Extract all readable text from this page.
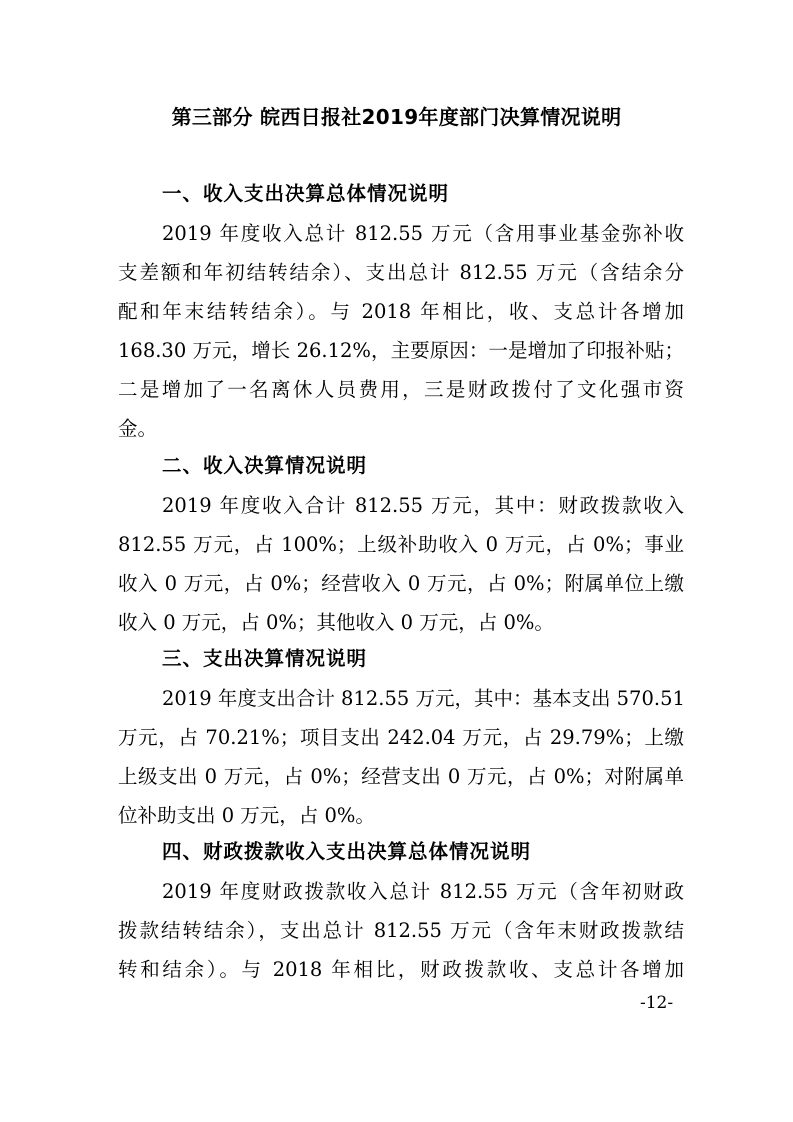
第三部分 皖西日报社2019年度部门决算情况说明
一、收入支出决算总体情况说明
2019 年度收入总计 812.55 万元（含用事业基金弥补收
支差额和年初结转结余）、支出总计 812.55 万元（含结余分
配和年末结转结余）。与 2018 年相比，收、支总计各增加
168.30 万元，增长 26.12%，主要原因：一是增加了印报补贴；
二是增加了一名离休人员费用，三是财政拨付了文化强市资
金。
二、收入决算情况说明
2019 年度收入合计 812.55 万元，其中：财政拨款收入
812.55 万元，占 100%；上级补助收入 0 万元，占 0%；事业
收入 0 万元，占 0%；经营收入 0 万元，占 0%；附属单位上缴
收入 0 万元，占 0%；其他收入 0 万元，占 0%。
三、支出决算情况说明
2019 年度支出合计 812.55 万元，其中：基本支出 570.51
万元，占 70.21%；项目支出 242.04 万元，占 29.79%；上缴
上级支出 0 万元，占 0%；经营支出 0 万元，占 0%；对附属单
位补助支出 0 万元，占 0%。
四、财政拨款收入支出决算总体情况说明
2019 年度财政拨款收入总计 812.55 万元（含年初财政
拨款结转结余），支出总计 812.55 万元（含年末财政拨款结
转和结余）。与 2018 年相比，财政拨款收、支总计各增加
-12-
